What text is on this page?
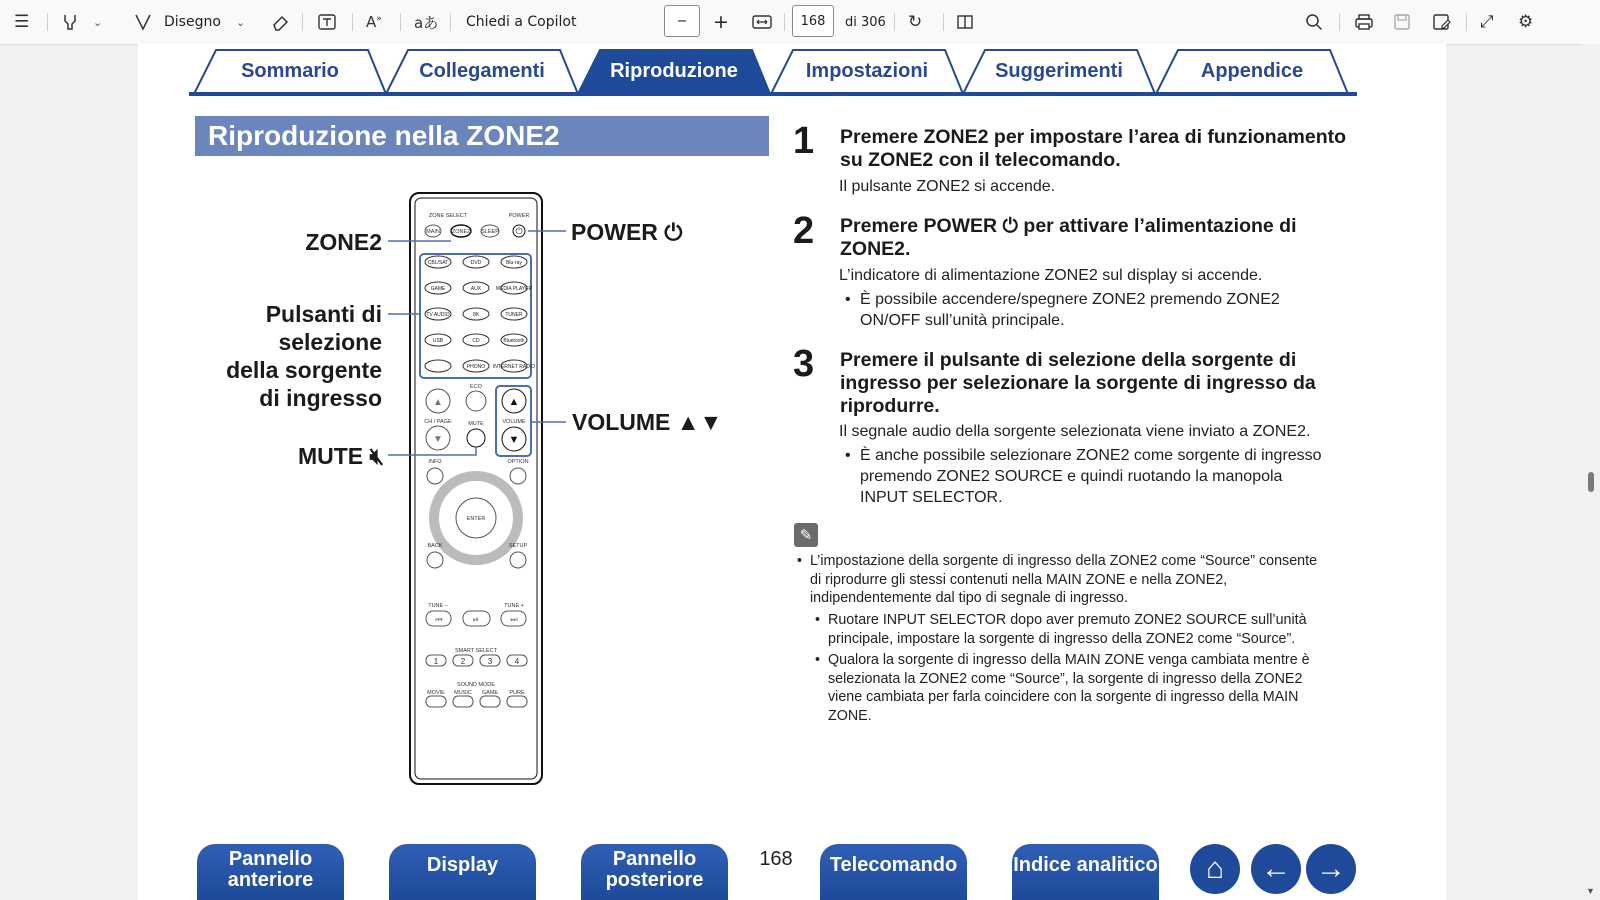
☰	⌄	Disegno ⌄	A» aあ Chiedi a Copilot	−	+	168	di 306 ↻	⤢ ⚙
Sommario	Collegamenti	Riproduzione	Impostazioni	Suggerimenti	Appendice
Riproduzione nella ZONE2
ZONE SELECT	POWER
MAIN ZONE2 SLEEP ⏻
ECO
CH / PAGE	MUTE	VOLUME
INFO	OPTION
ENTER
BACK	SETUP
TUNE –	TUNE +
SMART SELECT
1	2	3	4
SOUND MODE
MOVIE MUSIC GAME PURE
▲
▼
▲
▼
⏮	⏯	⏭
CBL/SAT	DVD	Blu-ray
GAME	AUX	MEDIA PLAYER
TV AUDIO	8K	TUNER
USB	CD	Bluetooth
PHONO INTERNET RADIO
ZONE2
Pulsanti di
selezione
della sorgente
di ingresso
MUTE 🔇︎
POWER ⏻
VOLUME ▲▼
1 Premere ZONE2 per impostare l’area di funzionamento
su ZONE2 con il telecomando.
Il pulsante ZONE2 si accende.
2 Premere POWER ⏻ per attivare l’alimentazione di
ZONE2.
L’indicatore di alimentazione ZONE2 sul display si accende.
• È possibile accendere/spegnere ZONE2 premendo ZONE2
ON/OFF sull’unità principale.
3 Premere il pulsante di selezione della sorgente di
ingresso per selezionare la sorgente di ingresso da
riprodurre.
Il segnale audio della sorgente selezionata viene inviato a ZONE2.
• È anche possibile selezionare ZONE2 come sorgente di ingresso
premendo ZONE2 SOURCE e quindi ruotando la manopola
INPUT SELECTOR.
✎
• L’impostazione della sorgente di ingresso della ZONE2 come “Source” consente
di riprodurre gli stessi contenuti nella MAIN ZONE e nella ZONE2,
indipendentemente dal tipo di segnale di ingresso.
• Ruotare INPUT SELECTOR dopo aver premuto ZONE2 SOURCE sull’unità
principale, impostare la sorgente di ingresso della ZONE2 come “Source”.
• Qualora la sorgente di ingresso della MAIN ZONE venga cambiata mentre è
selezionata la ZONE2 come “Source”, la sorgente di ingresso della ZONE2
viene cambiata per farla coincidere con la sorgente di ingresso della MAIN
ZONE.
Pannello anteriore
Display	Pannello posteriore
168	Telecomando	Indice analitico	⌂	← →
▼
